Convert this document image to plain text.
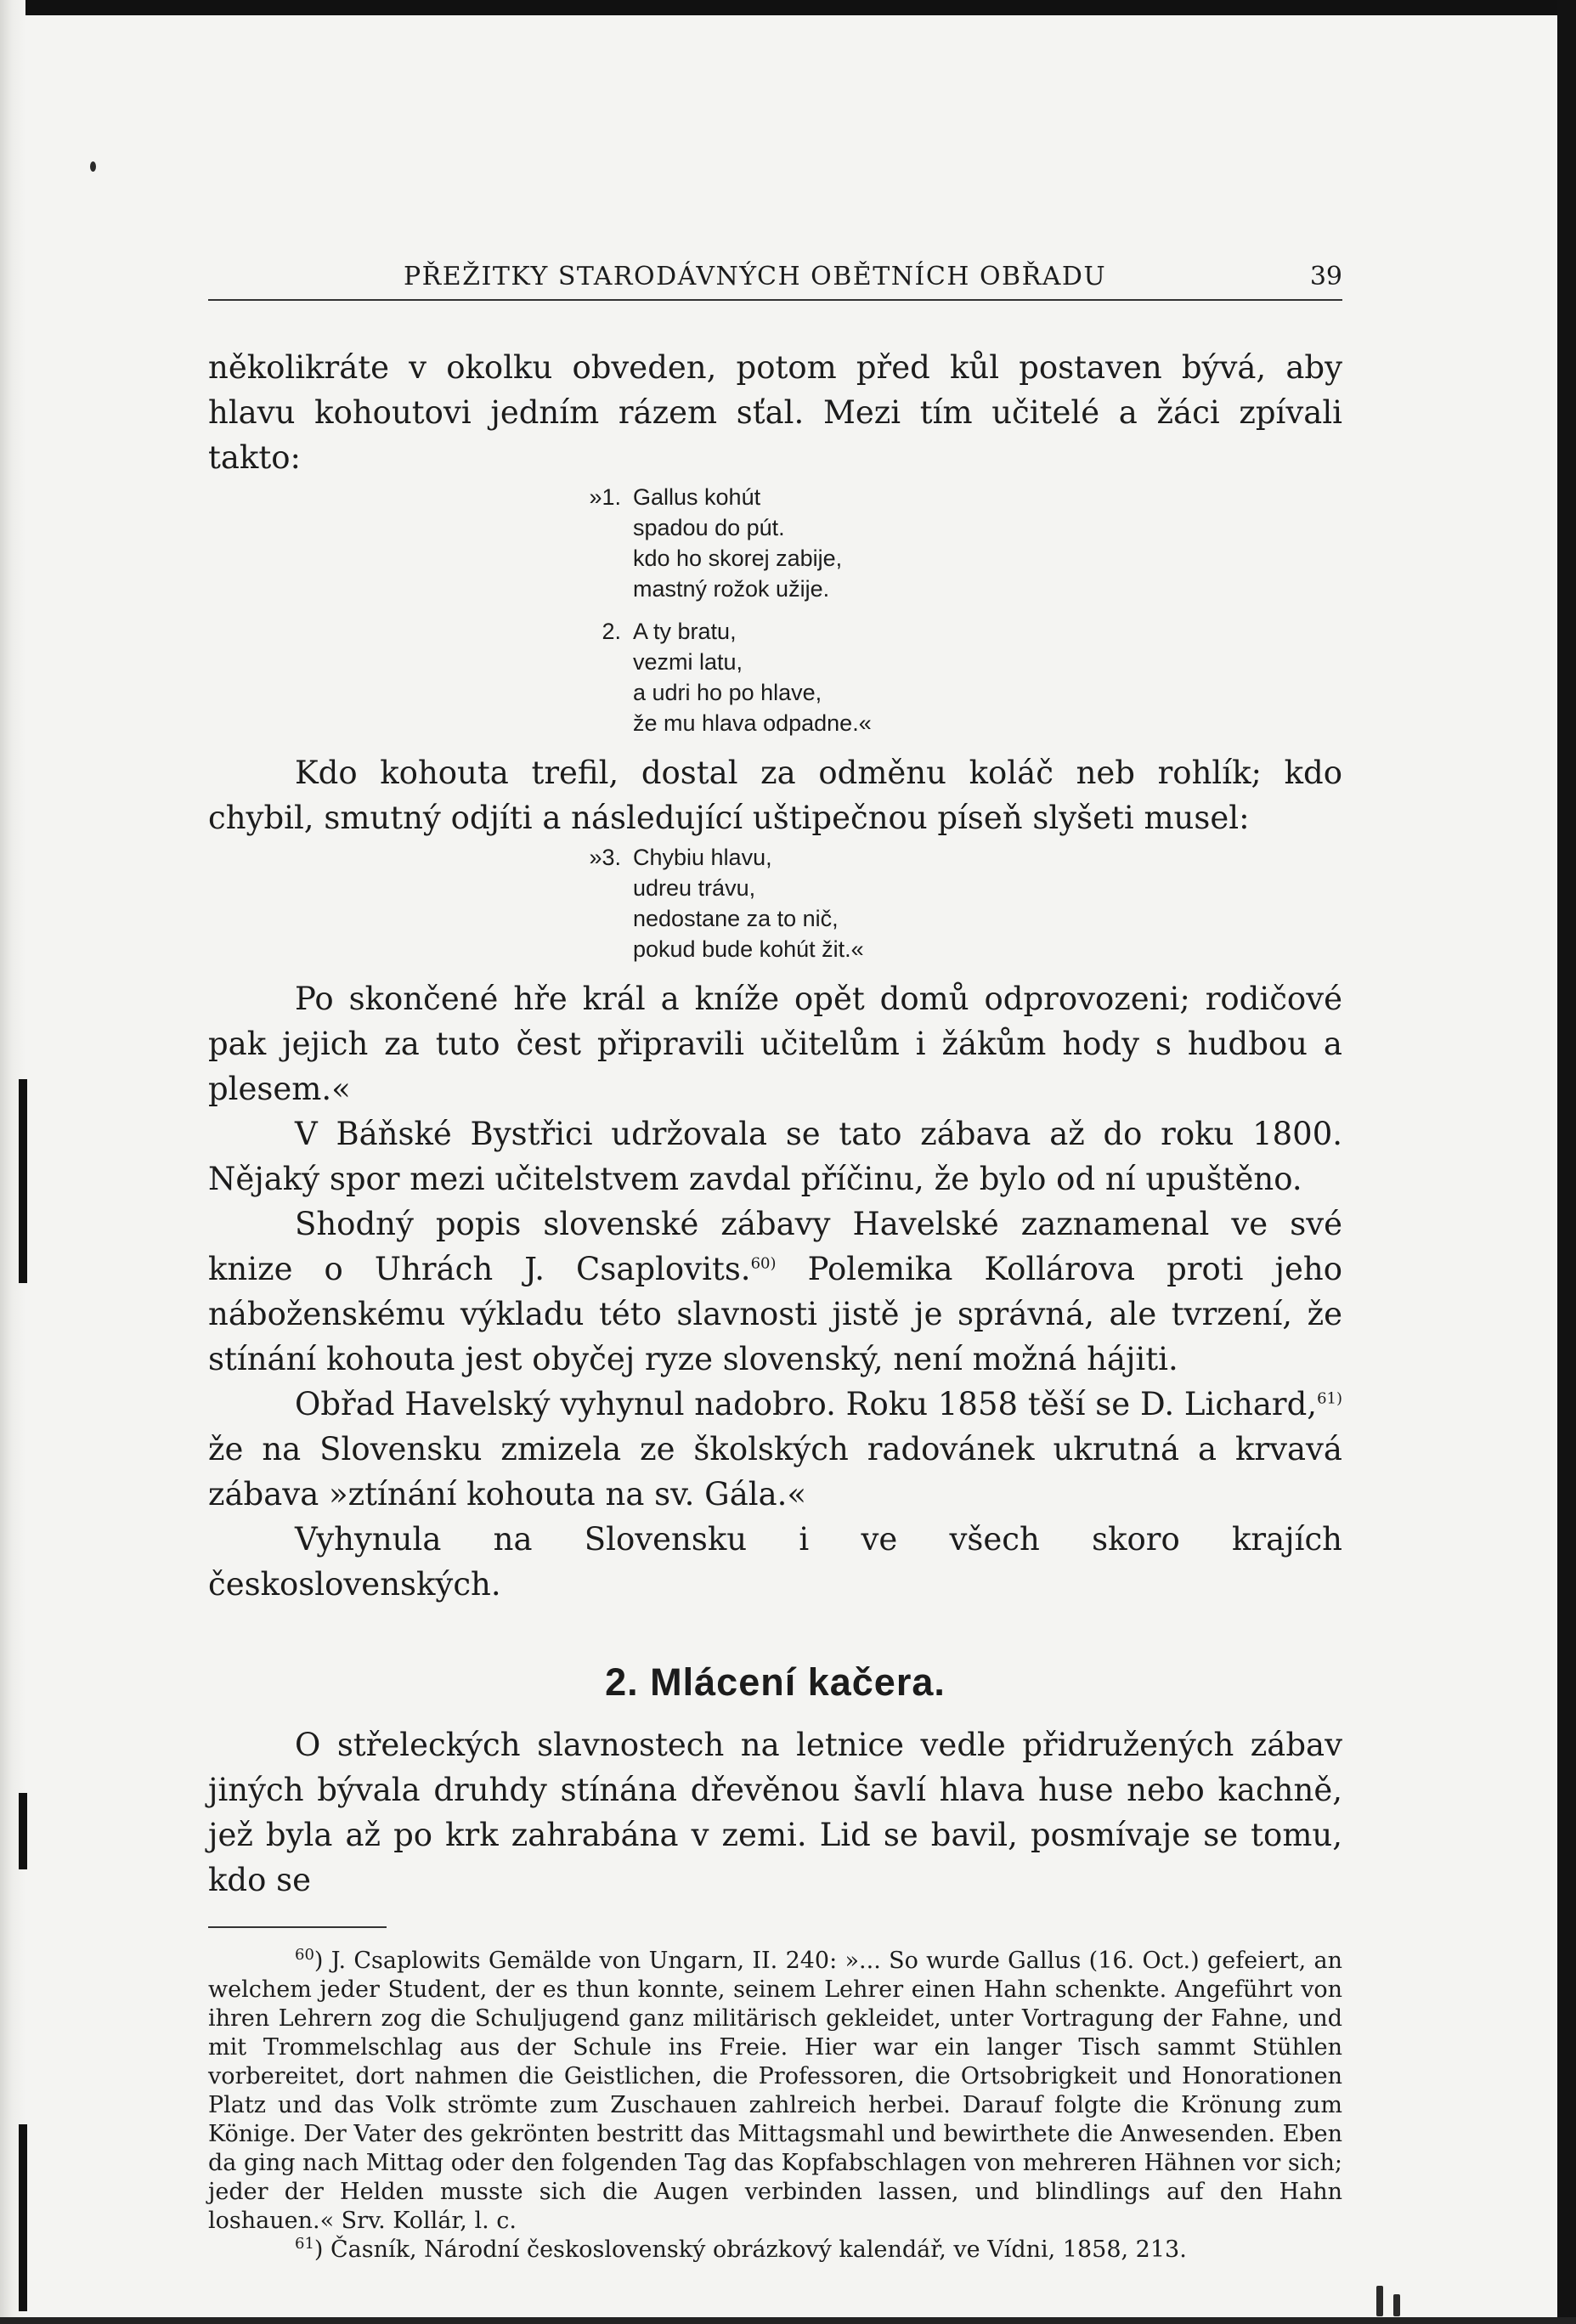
PŘEŽITKY STARODÁVNÝCH OBĚTNÍCH OBŘADU	39

několikráte v okolku obveden, potom před kůl postaven bývá, aby hlavu kohoutovi jedním rázem sťal. Mezi tím učitelé a žáci zpívali takto:

»1. Gallus kohút
spadou do pút.
kdo ho skorej zabije,
mastný rožok užije.
2. A ty bratu,
vezmi latu,
a udri ho po hlave,
že mu hlava odpadne.«

Kdo kohouta trefil, dostal za odměnu koláč neb rohlík; kdo chybil, smutný odjíti a následující uštipečnou píseň slyšeti musel:

»3. Chybiu hlavu,
udreu trávu,
nedostane za to nič,
pokud bude kohút žit.«

Po skončené hře král a kníže opět domů odprovozeni; rodičové pak jejich za tuto čest připravili učitelům i žákům hody s hudbou a plesem.«

V Báňské Bystřici udržovala se tato zábava až do roku 1800. Nějaký spor mezi učitelstvem zavdal příčinu, že bylo od ní upuštěno.

Shodný popis slovenské zábavy Havelské zaznamenal ve své knize o Uhrách J. Csaplovits.$^{60)}$ Polemika Kollárova proti jeho náboženskému výkladu této slavnosti jistě je správná, ale tvrzení, že stínání kohouta jest obyčej ryze slovenský, není možná hájiti.

Obřad Havelský vyhynul nadobro. Roku 1858 těší se D. Lichard,$^{61)}$ že na Slovensku zmizela ze školských radovánek ukrutná a krvavá zábava »ztínání kohouta na sv. Gála.«

Vyhynula na Slovensku i ve všech skoro krajích československých.

2. Mlácení kačera.

O střeleckých slavnostech na letnice vedle přidružených zábav jiných bývala druhdy stínána dřevěnou šavlí hlava huse nebo kachně, jež byla až po krk zahrabána v zemi. Lid se bavil, posmívaje se tomu, kdo se

$^{60}$) J. Csaplowits Gemälde von Ungarn, II. 240: »... So wurde Gallus (16. Oct.) gefeiert, an welchem jeder Student, der es thun konnte, seinem Lehrer einen Hahn schenkte. Angeführt von ihren Lehrern zog die Schuljugend ganz militärisch gekleidet, unter Vortragung der Fahne, und mit Trommelschlag aus der Schule ins Freie. Hier war ein langer Tisch sammt Stühlen vorbereitet, dort nahmen die Geistlichen, die Professoren, die Ortsobrigkeit und Honorationen Platz und das Volk strömte zum Zuschauen zahlreich herbei. Darauf folgte die Krönung zum Könige. Der Vater des gekrönten bestritt das Mittagsmahl und bewirthete die Anwesenden. Eben da ging nach Mittag oder den folgenden Tag das Kopfabschlagen von mehreren Hähnen vor sich; jeder der Helden musste sich die Augen verbinden lassen, und blindlings auf den Hahn loshauen.« Srv. Kollár, l. c.

$^{61}$) Časník, Národní československý obrázkový kalendář, ve Vídni, 1858, 213.
